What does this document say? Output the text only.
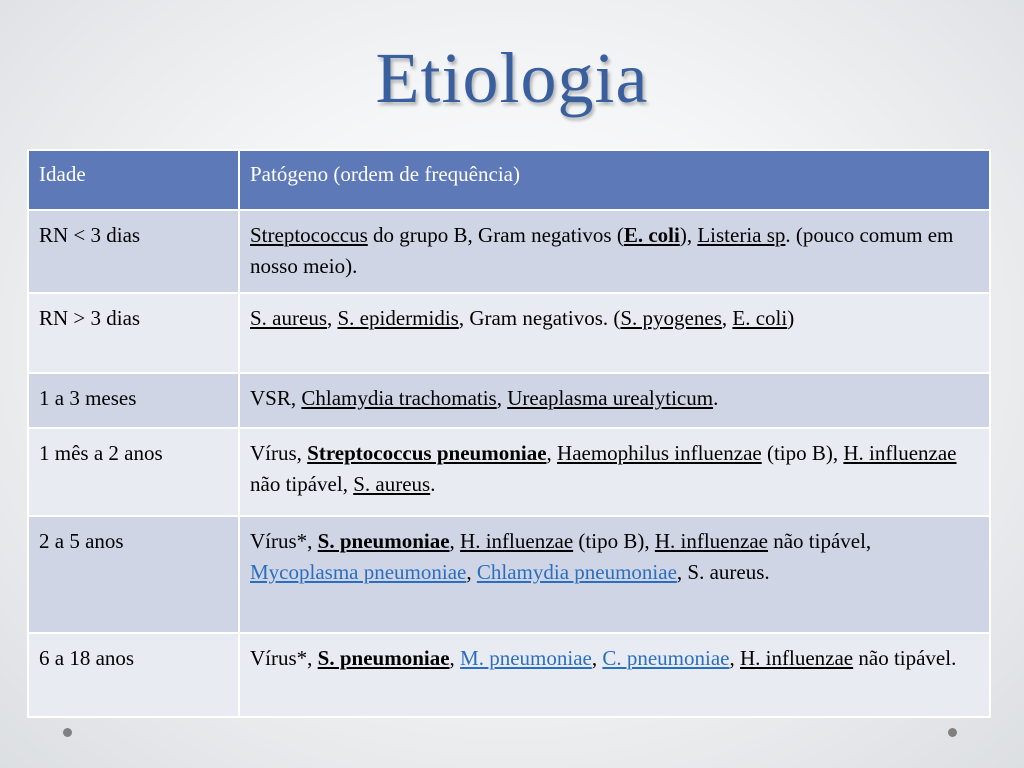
Etiologia
Idade	Patógeno (ordem de frequência)
RN < 3 dias	Streptococcus do grupo B, Gram negativos (E. coli), Listeria sp. (pouco comum em nosso meio).
RN > 3 dias	S. aureus, S. epidermidis, Gram negativos. (S. pyogenes, E. coli)
1 a 3 meses	VSR, Chlamydia trachomatis, Ureaplasma urealyticum.
1 mês a 2 anos	Vírus, Streptococcus pneumoniae, Haemophilus influenzae (tipo B), H. influenzae não tipável, S. aureus.
2 a 5 anos	Vírus*, S. pneumoniae, H. influenzae (tipo B), H. influenzae não tipável, Mycoplasma pneumoniae, Chlamydia pneumoniae, S. aureus.
6 a 18 anos	Vírus*, S. pneumoniae, M. pneumoniae, C. pneumoniae, H. influenzae não tipável.
